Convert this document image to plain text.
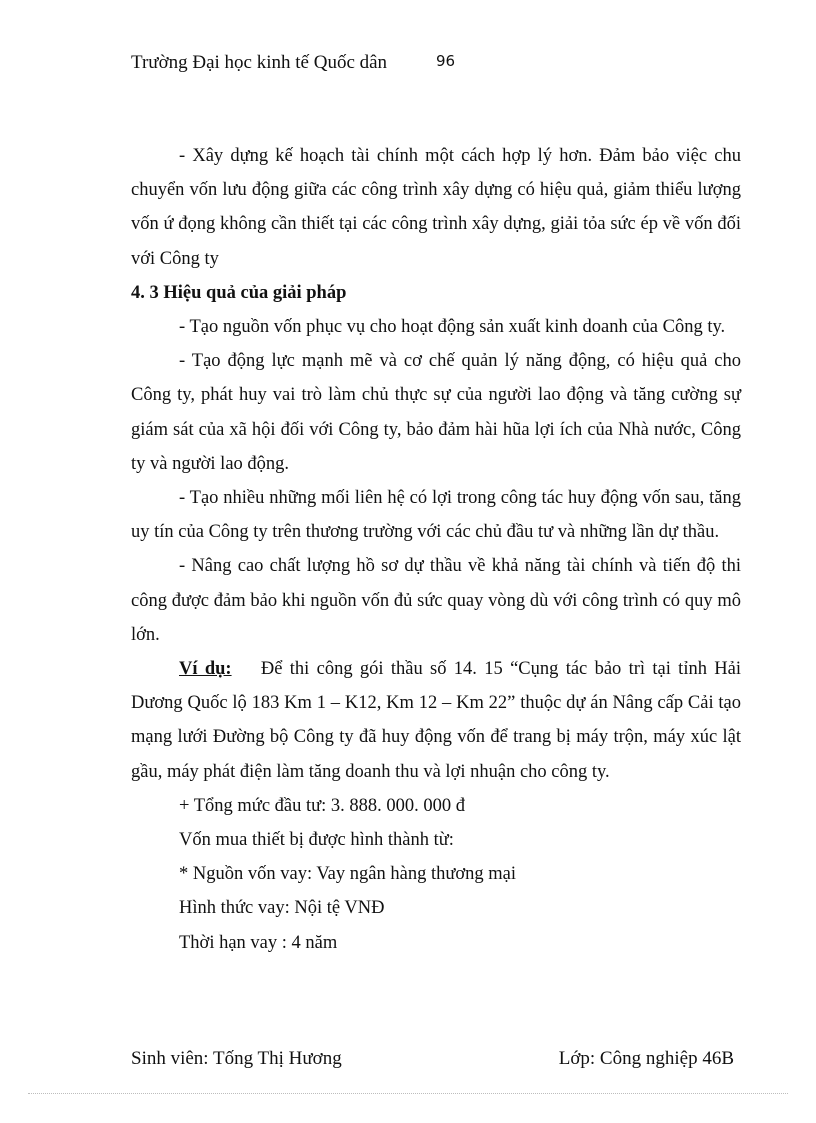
Trường Đại học kinh tế Quốc dân	96

- Xây dựng kế hoạch tài chính một cách hợp lý hơn. Đảm bảo việc chu chuyển vốn lưu động giữa các công trình xây dựng có hiệu quả, giảm thiểu lượng vốn ứ đọng không cần thiết tại các công trình xây dựng, giải tỏa sức ép về vốn đối với Công ty

4. 3 Hiệu quả của giải pháp

- Tạo nguồn vốn phục vụ cho hoạt động sản xuất kinh doanh của Công ty.

- Tạo động lực mạnh mẽ và cơ chế quản lý năng động, có hiệu quả cho Công ty, phát huy vai trò làm chủ thực sự của người lao động và tăng cường sự giám sát của xã hội đối với Công ty, bảo đảm hài hũa lợi ích của Nhà nước, Công ty và người lao động.

- Tạo nhiều những mối liên hệ có lợi trong công tác huy động vốn sau, tăng uy tín của Công ty trên thương trường với các chủ đầu tư và những lần dự thầu.

- Nâng cao chất lượng hồ sơ dự thầu về khả năng tài chính và tiến độ thi công được đảm bảo khi nguồn vốn đủ sức quay vòng dù với công trình có quy mô lớn.

Ví dụ: Để thi công gói thầu số 14. 15 “Cụng tác bảo trì tại tỉnh Hải Dương Quốc lộ 183 Km 1 – K12, Km 12 – Km 22” thuộc dự án Nâng cấp Cải tạo mạng lưới Đường bộ Công ty đã huy động vốn để trang bị máy trộn, máy xúc lật gầu, máy phát điện làm tăng doanh thu và lợi nhuận cho công ty.

+ Tổng mức đầu tư: 3. 888. 000. 000 đ

Vốn mua thiết bị được hình thành từ:

* Nguồn vốn vay: Vay ngân hàng thương mại

Hình thức vay: Nội tệ VNĐ

Thời hạn vay : 4 năm

Sinh viên: Tống Thị Hương	Lớp: Công nghiệp 46B
